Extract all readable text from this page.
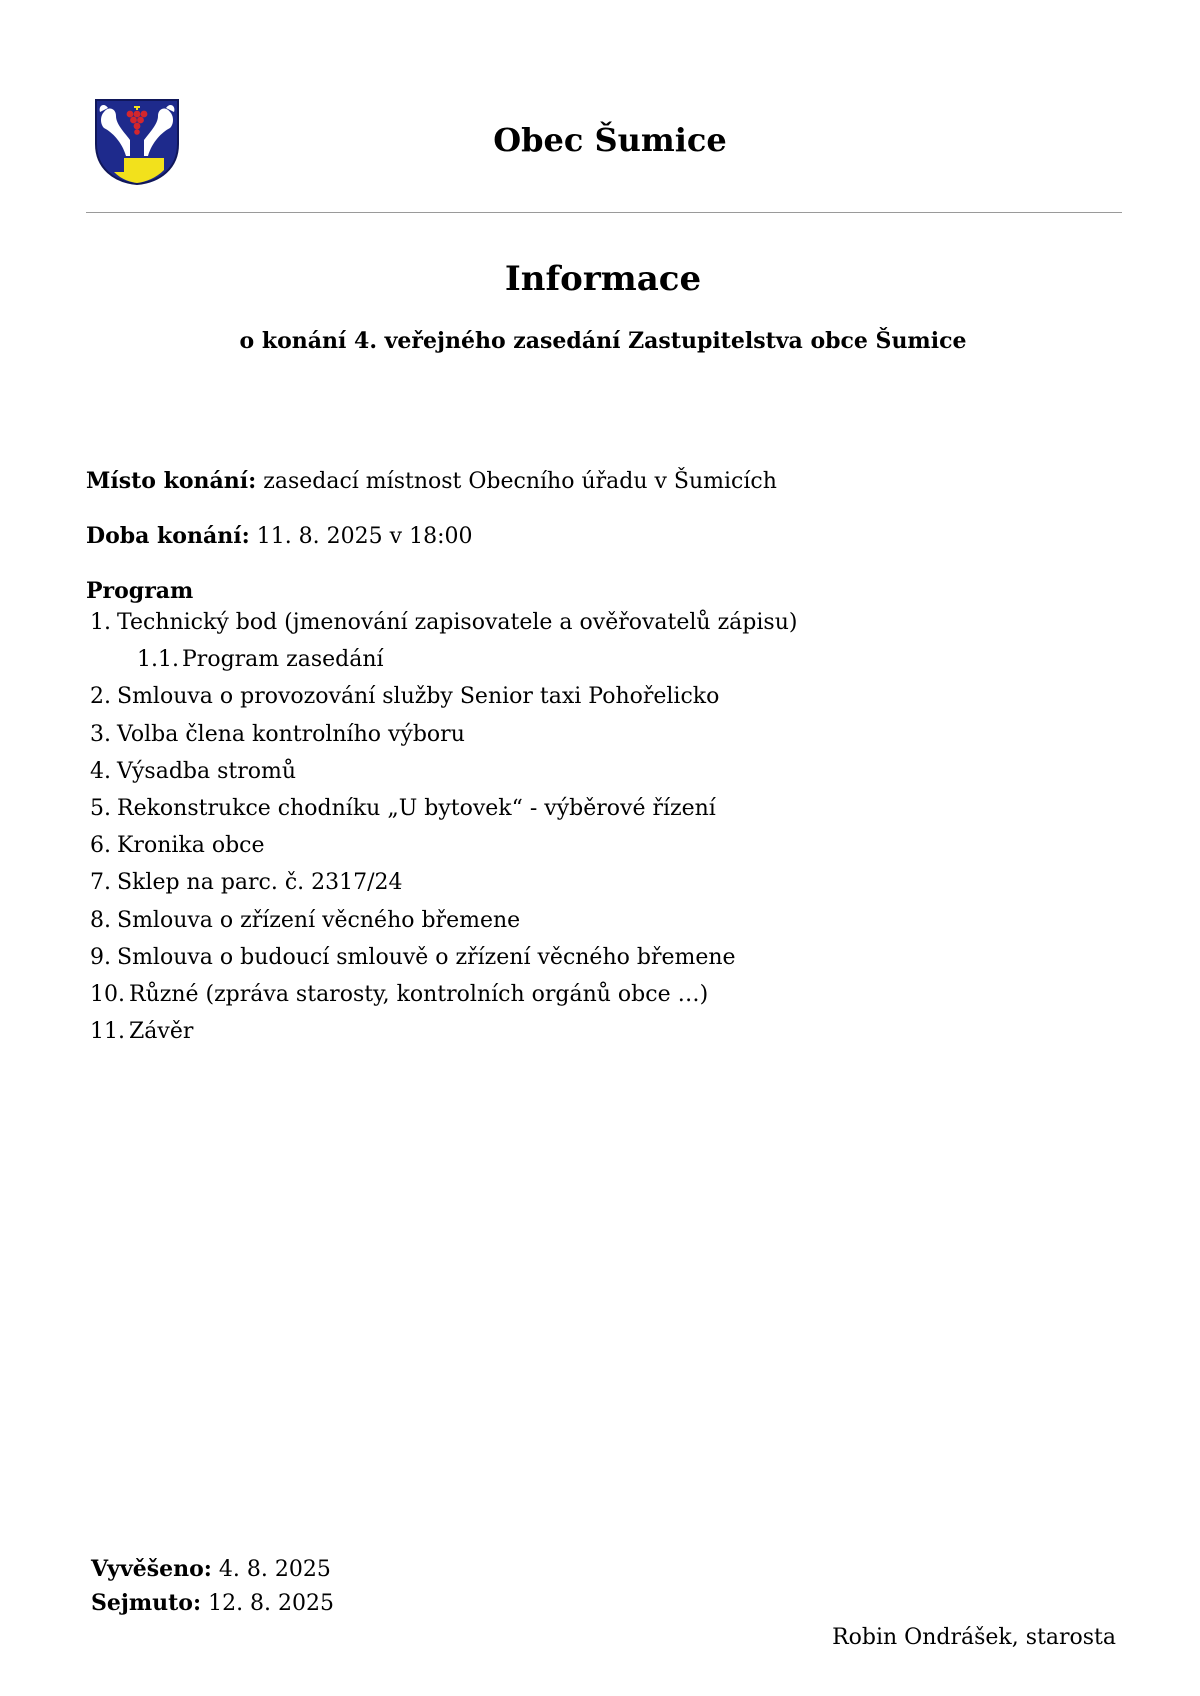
Obec Šumice
Informace

o konání 4. veřejného zasedání Zastupitelstva obce Šumice

Místo konání: zasedací místnost Obecního úřadu v Šumicích

Doba konání: 11. 8. 2025 v 18:00

Program

1. Technický bod (jmenování zapisovatele a ověřovatelů zápisu)
1.1. Program zasedání
2. Smlouva o provozování služby Senior taxi Pohořelicko
3. Volba člena kontrolního výboru
4. Výsadba stromů
5. Rekonstrukce chodníku „U bytovek“ - výběrové řízení
6. Kronika obce
7. Sklep na parc. č. 2317/24
8. Smlouva o zřízení věcného břemene
9. Smlouva o budoucí smlouvě o zřízení věcného břemene
10. Různé (zpráva starosty, kontrolních orgánů obce …)
11. Závěr

Vyvěšeno: 4. 8. 2025

Sejmuto: 12. 8. 2025

Robin Ondrášek, starosta
